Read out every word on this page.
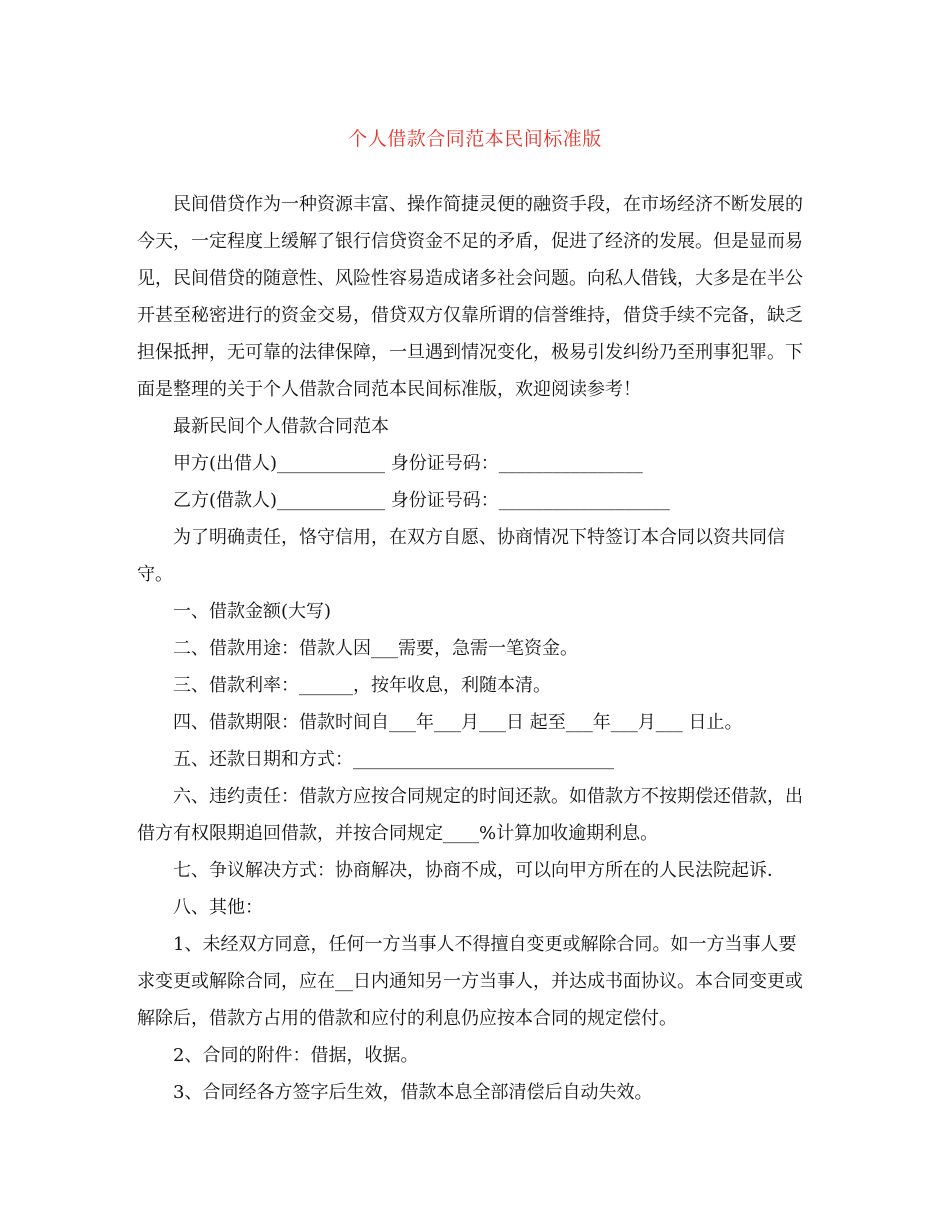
个人借款合同范本民间标准版

民间借贷作为一种资源丰富、操作简捷灵便的融资手段，在市场经济不断发展的今天，一定程度上缓解了银行信贷资金不足的矛盾，促进了经济的发展。但是显而易见，民间借贷的随意性、风险性容易造成诸多社会问题。向私人借钱，大多是在半公开甚至秘密进行的资金交易，借贷双方仅靠所谓的信誉维持，借贷手续不完备，缺乏担保抵押，无可靠的法律保障，一旦遇到情况变化，极易引发纠纷乃至刑事犯罪。下面是整理的关于个人借款合同范本民间标准版，欢迎阅读参考！

最新民间个人借款合同范本

甲方(出借人)____________ 身份证号码：________________

乙方(借款人)____________ 身份证号码：___________________

为了明确责任，恪守信用，在双方自愿、协商情况下特签订本合同以资共同信守。

一、借款金额(大写)

二、借款用途：借款人因___需要，急需一笔资金。

三、借款利率：______，按年收息，利随本清。

四、借款期限：借款时间自___年___月___日 起至___年___月___ 日止。

五、还款日期和方式：_____________________________

六、违约责任：借款方应按合同规定的时间还款。如借款方不按期偿还借款，出借方有权限期追回借款，并按合同规定____%计算加收逾期利息。

七、争议解决方式：协商解决，协商不成，可以向甲方所在的人民法院起诉．

八、其他：

1、未经双方同意，任何一方当事人不得擅自变更或解除合同。如一方当事人要求变更或解除合同，应在__日内通知另一方当事人，并达成书面协议。本合同变更或解除后，借款方占用的借款和应付的利息仍应按本合同的规定偿付。

2、合同的附件：借据，收据。

3、合同经各方签字后生效，借款本息全部清偿后自动失效。
